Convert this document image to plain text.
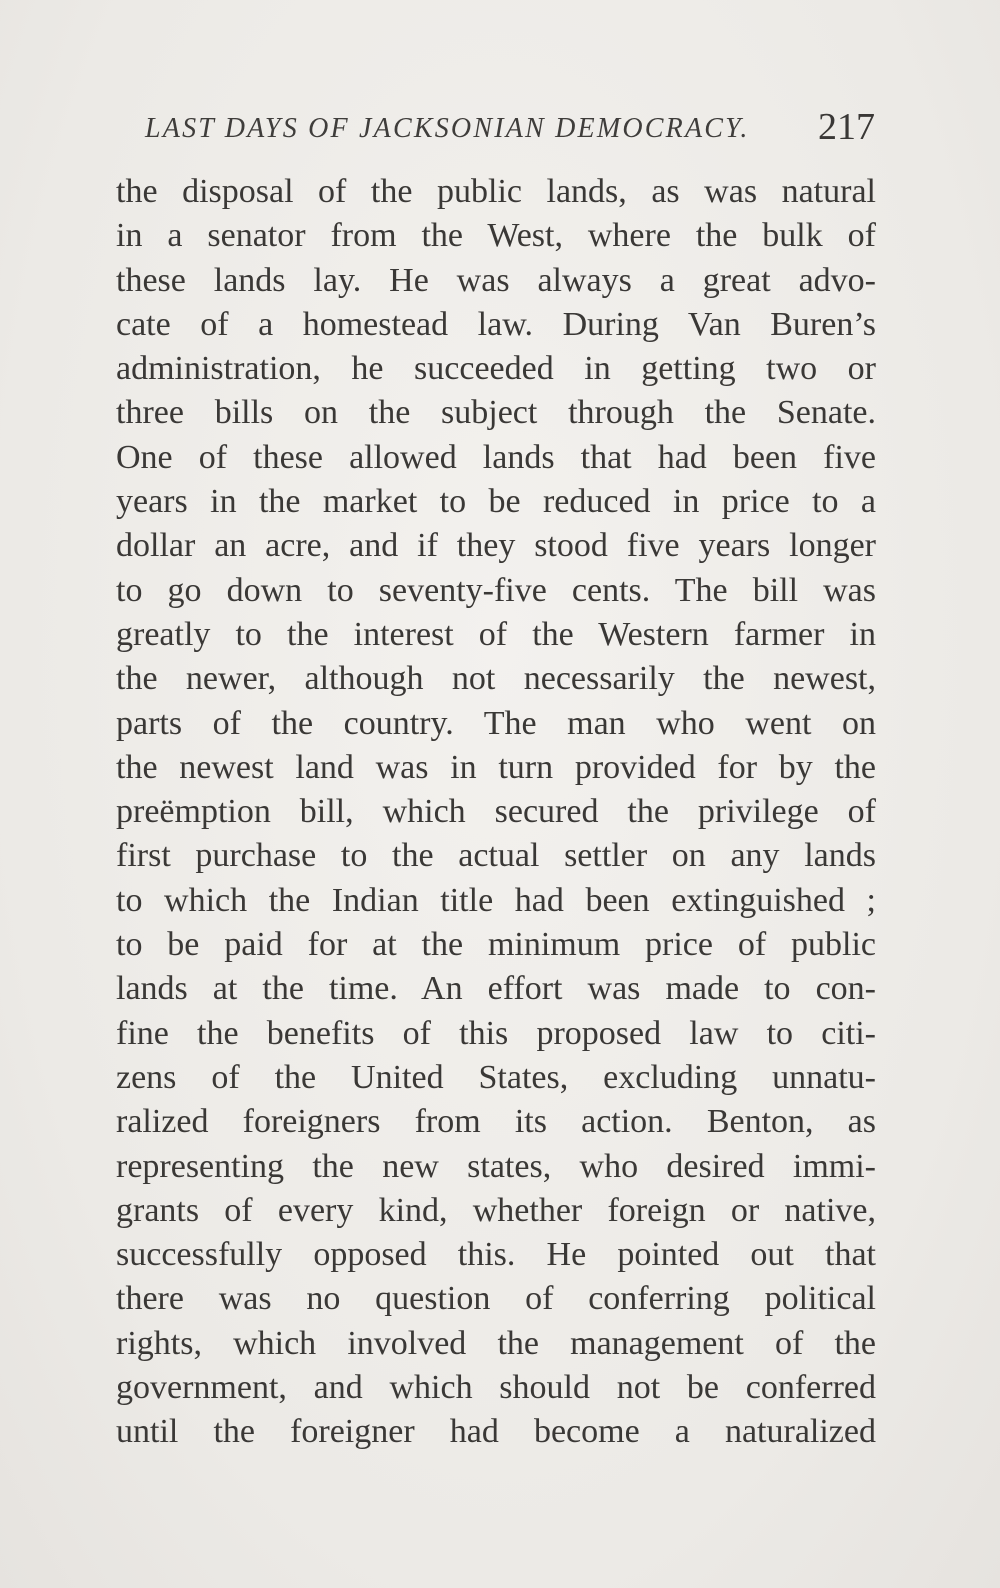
LAST DAYS OF JACKSONIAN DEMOCRACY. 217
the disposal of the public lands, as was natural
in a senator from the West, where the bulk of
these lands lay. He was always a great advo-
cate of a homestead law. During Van Buren’s
administration, he succeeded in getting two or
three bills on the subject through the Senate.
One of these allowed lands that had been five
years in the market to be reduced in price to a
dollar an acre, and if they stood five years longer
to go down to seventy-five cents. The bill was
greatly to the interest of the Western farmer in
the newer, although not necessarily the newest,
parts of the country. The man who went on
the newest land was in turn provided for by the
preëmption bill, which secured the privilege of
first purchase to the actual settler on any lands
to which the Indian title had been extinguished ;
to be paid for at the minimum price of public
lands at the time. An effort was made to con-
fine the benefits of this proposed law to citi-
zens of the United States, excluding unnatu-
ralized foreigners from its action. Benton, as
representing the new states, who desired immi-
grants of every kind, whether foreign or native,
successfully opposed this. He pointed out that
there was no question of conferring political
rights, which involved the management of the
government, and which should not be conferred
until the foreigner had become a naturalized
